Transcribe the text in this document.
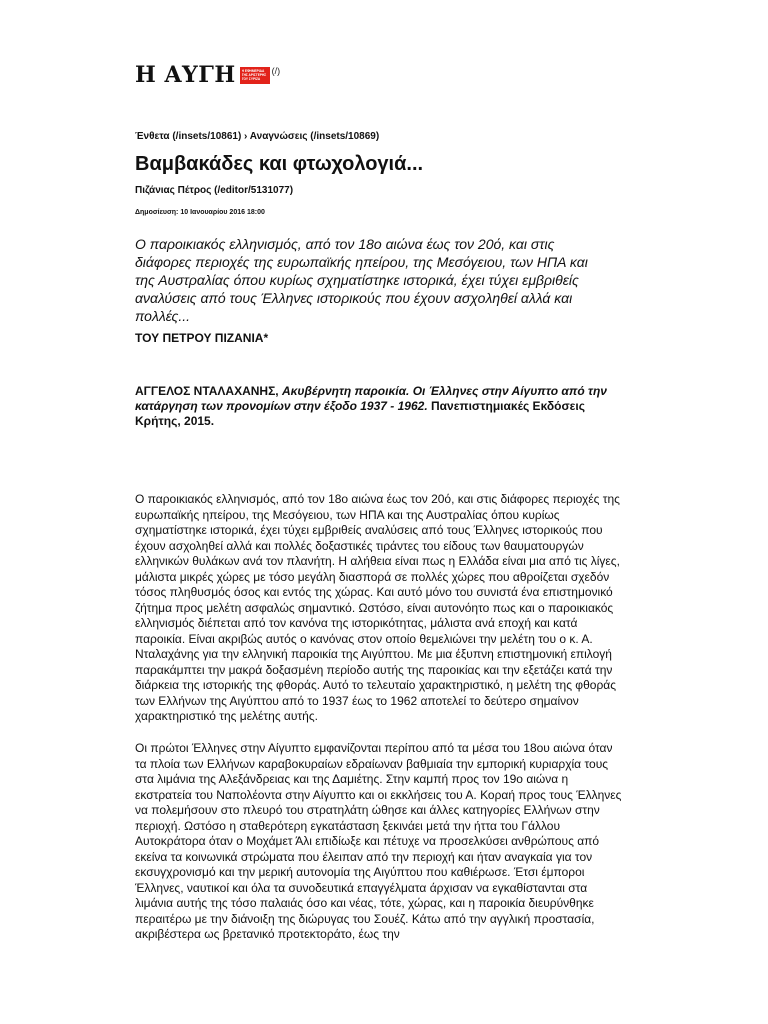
Η ΑΥΓΗ Η ΕΦΗΜΕΡΙΔΑ
ΤΗΣ ΑΡΙΣΤΕΡΗΣ
ΤΟΥ ΣΥΡΙΖΑ
(/)
Ένθετα (/insets/10861) › Αναγνώσεις (/insets/10869)
Βαμβακάδες και φτωχολογιά...
Πιζάνιας Πέτρος (/editor/5131077)
Δημοσίευση: 10 Ιανουαρίου 2016 18:00

Ο παροικιακός ελληνισμός, από τον 18ο αιώνα έως τον 20ό, και στις διάφορες περιοχές της ευρωπαϊκής ηπείρου, της Μεσόγειου, των ΗΠΑ και της Αυστραλίας όπου κυρίως σχηματίστηκε ιστορικά, έχει τύχει εμβριθείς αναλύσεις από τους Έλληνες ιστορικούς που έχουν ασχοληθεί αλλά και πολλές...

ΤΟΥ ΠΕΤΡΟΥ ΠΙΖΑΝΙΑ*

ΑΓΓΕΛΟΣ ΝΤΑΛΑΧΑΝΗΣ, Ακυβέρνητη παροικία. Οι Έλληνες στην Αίγυπτο από την κατάργηση των προνομίων στην έξοδο 1937 - 1962. Πανεπιστημιακές Εκδόσεις Κρήτης, 2015.

Ο παροικιακός ελληνισμός, από τον 18ο αιώνα έως τον 20ό, και στις διάφορες περιοχές της ευρωπαϊκής ηπείρου, της Μεσόγειου, των ΗΠΑ και της Αυστραλίας όπου κυρίως σχηματίστηκε ιστορικά, έχει τύχει εμβριθείς αναλύσεις από τους Έλληνες ιστορικούς που έχουν ασχοληθεί αλλά και πολλές δοξαστικές τιράντες του είδους των θαυματουργών ελληνικών θυλάκων ανά τον πλανήτη. Η αλήθεια είναι πως η Ελλάδα είναι μια από τις λίγες, μάλιστα μικρές χώρες με τόσο μεγάλη διασπορά σε πολλές χώρες που αθροίζεται σχεδόν τόσος πληθυσμός όσος και εντός της χώρας. Και αυτό μόνο του συνιστά ένα επιστημονικό ζήτημα προς μελέτη ασφαλώς σημαντικό. Ωστόσο, είναι αυτονόητο πως και ο παροικιακός ελληνισμός διέπεται από τον κανόνα της ιστορικότητας, μάλιστα ανά εποχή και κατά παροικία. Είναι ακριβώς αυτός ο κανόνας στον οποίο θεμελιώνει την μελέτη του ο κ. Α. Νταλαχάνης για την ελληνική παροικία της Αιγύπτου. Με μια έξυπνη επιστημονική επιλογή παρακάμπτει την μακρά δοξασμένη περίοδο αυτής της παροικίας και την εξετάζει κατά την διάρκεια της ιστορικής της φθοράς. Αυτό το τελευταίο χαρακτηριστικό, η μελέτη της φθοράς των Ελλήνων της Αιγύπτου από το 1937 έως το 1962 αποτελεί το δεύτερο σημαίνον χαρακτηριστικό της μελέτης αυτής.

Οι πρώτοι Έλληνες στην Αίγυπτο εμφανίζονται περίπου από τα μέσα του 18ου αιώνα όταν τα πλοία των Ελλήνων καραβοκυραίων εδραίωναν βαθμιαία την εμπορική κυριαρχία τους στα λιμάνια της Αλεξάνδρειας και της Δαμιέτης. Στην καμπή προς τον 19ο αιώνα η εκστρατεία του Ναπολέοντα στην Αίγυπτο και οι εκκλήσεις του Α. Κοραή προς τους Έλληνες να πολεμήσουν στο πλευρό του στρατηλάτη ώθησε και άλλες κατηγορίες Ελλήνων στην περιοχή. Ωστόσο η σταθερότερη εγκατάσταση ξεκινάει μετά την ήττα του Γάλλου Αυτοκράτορα όταν ο Μοχάμετ Άλι επιδίωξε και πέτυχε να προσελκύσει ανθρώπους από εκείνα τα κοινωνικά στρώματα που έλειπαν από την περιοχή και ήταν αναγκαία για τον εκσυγχρονισμό και την μερική αυτονομία της Αιγύπτου που καθιέρωσε. Έτσι έμποροι Έλληνες, ναυτικοί και όλα τα συνοδευτικά επαγγέλματα άρχισαν να εγκαθίστανται στα λιμάνια αυτής της τόσο παλαιάς όσο και νέας, τότε, χώρας, και η παροικία διευρύνθηκε περαιτέρω με την διάνοιξη της διώρυγας του Σουέζ. Κάτω από την αγγλική προστασία, ακριβέστερα ως βρετανικό προτεκτοράτο, έως την
